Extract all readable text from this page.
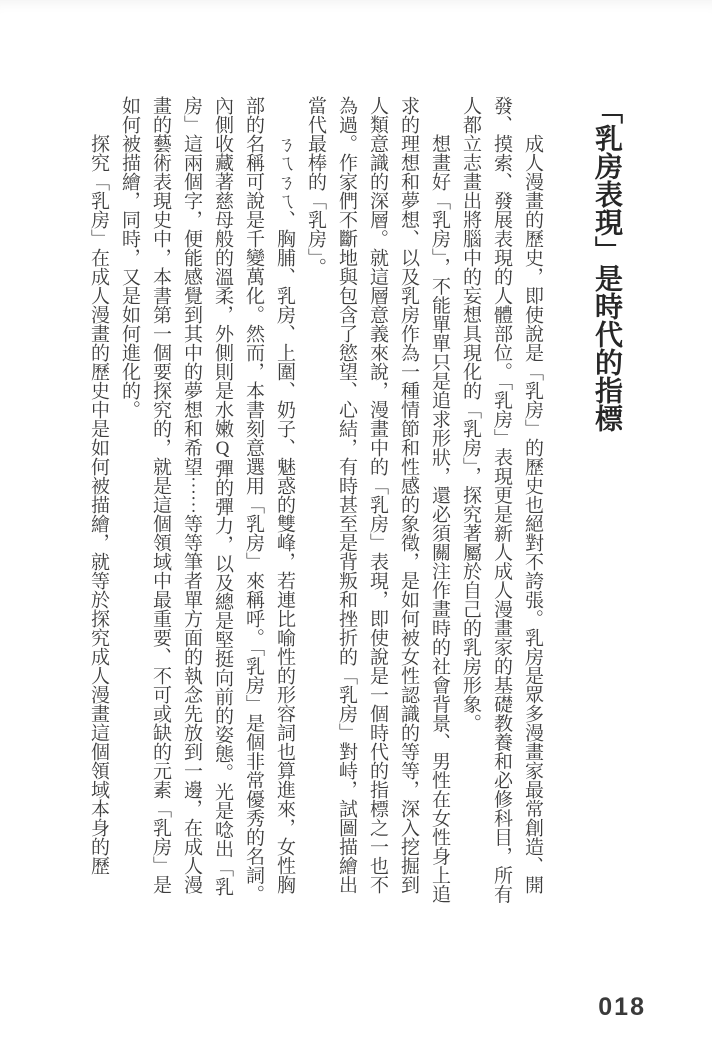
「乳房表現」是時代的指標

成人漫畫的歷史，即使說是「乳房」的歷史也絕對不誇張。乳房是眾多漫畫家最常創造、開發、摸索、發展表現的人體部位。「乳房」表現更是新人成人漫畫家的基礎教養和必修科目，所有人都立志畫出將腦中的妄想具現化的「乳房」，探究著屬於自己的乳房形象。

想畫好「乳房」，不能單單只是追求形狀，還必須關注作畫時的社會背景、男性在女性身上追求的理想和夢想、以及乳房作為一種情節和性感的象徵，是如何被女性認識的等等，深入挖掘到人類意識的深層。就這層意義來說，漫畫中的「乳房」表現，即使說是一個時代的指標之一也不為過。作家們不斷地與包含了慾望、心結，有時甚至是背叛和挫折的「乳房」對峙，試圖描繪出當代最棒的「乳房」。

ㄋㄟㄋㄟ、胸脯、乳房、上圍、奶子、魅惑的雙峰，若連比喻性的形容詞也算進來，女性胸部的名稱可說是千變萬化。然而，本書刻意選用「乳房」來稱呼。「乳房」是個非常優秀的名詞。內側收藏著慈母般的溫柔，外側則是水嫩Q彈的彈力，以及總是堅挺向前的姿態。光是唸出「乳房」這兩個字，便能感覺到其中的夢想和希望⋯⋯等等筆者單方面的執念先放到一邊，在成人漫畫的藝術表現史中，本書第一個要探究的，就是這個領域中最重要、不可或缺的元素「乳房」是如何被描繪，同時，又是如何進化的。

探究「乳房」在成人漫畫的歷史中是如何被描繪，就等於探究成人漫畫這個領域本身的歷

018
